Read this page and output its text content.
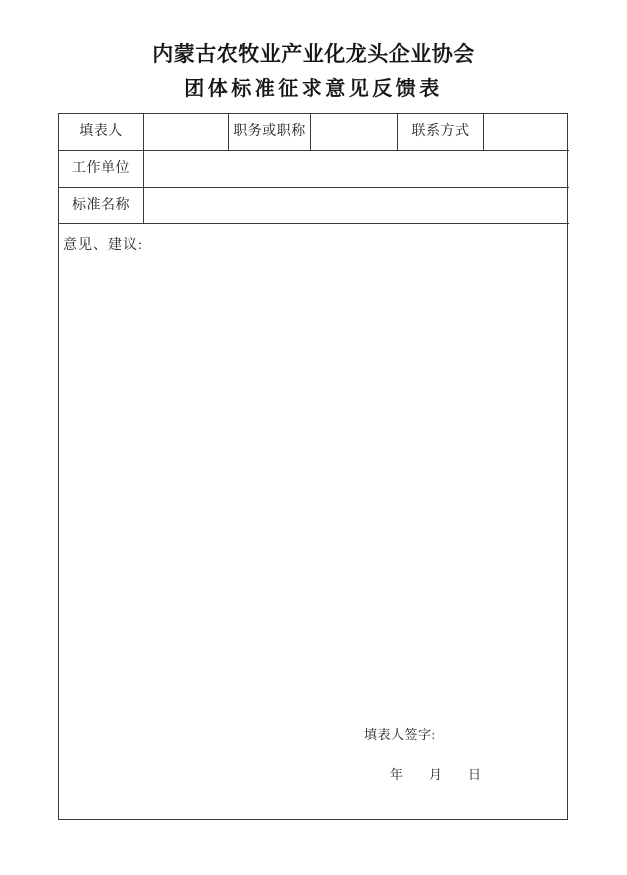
内蒙古农牧业产业化龙头企业协会
团体标准征求意见反馈表
填表人	职务或职称	联系方式
工作单位
标准名称
意见、建议:
填表人签字:
年 月 日
